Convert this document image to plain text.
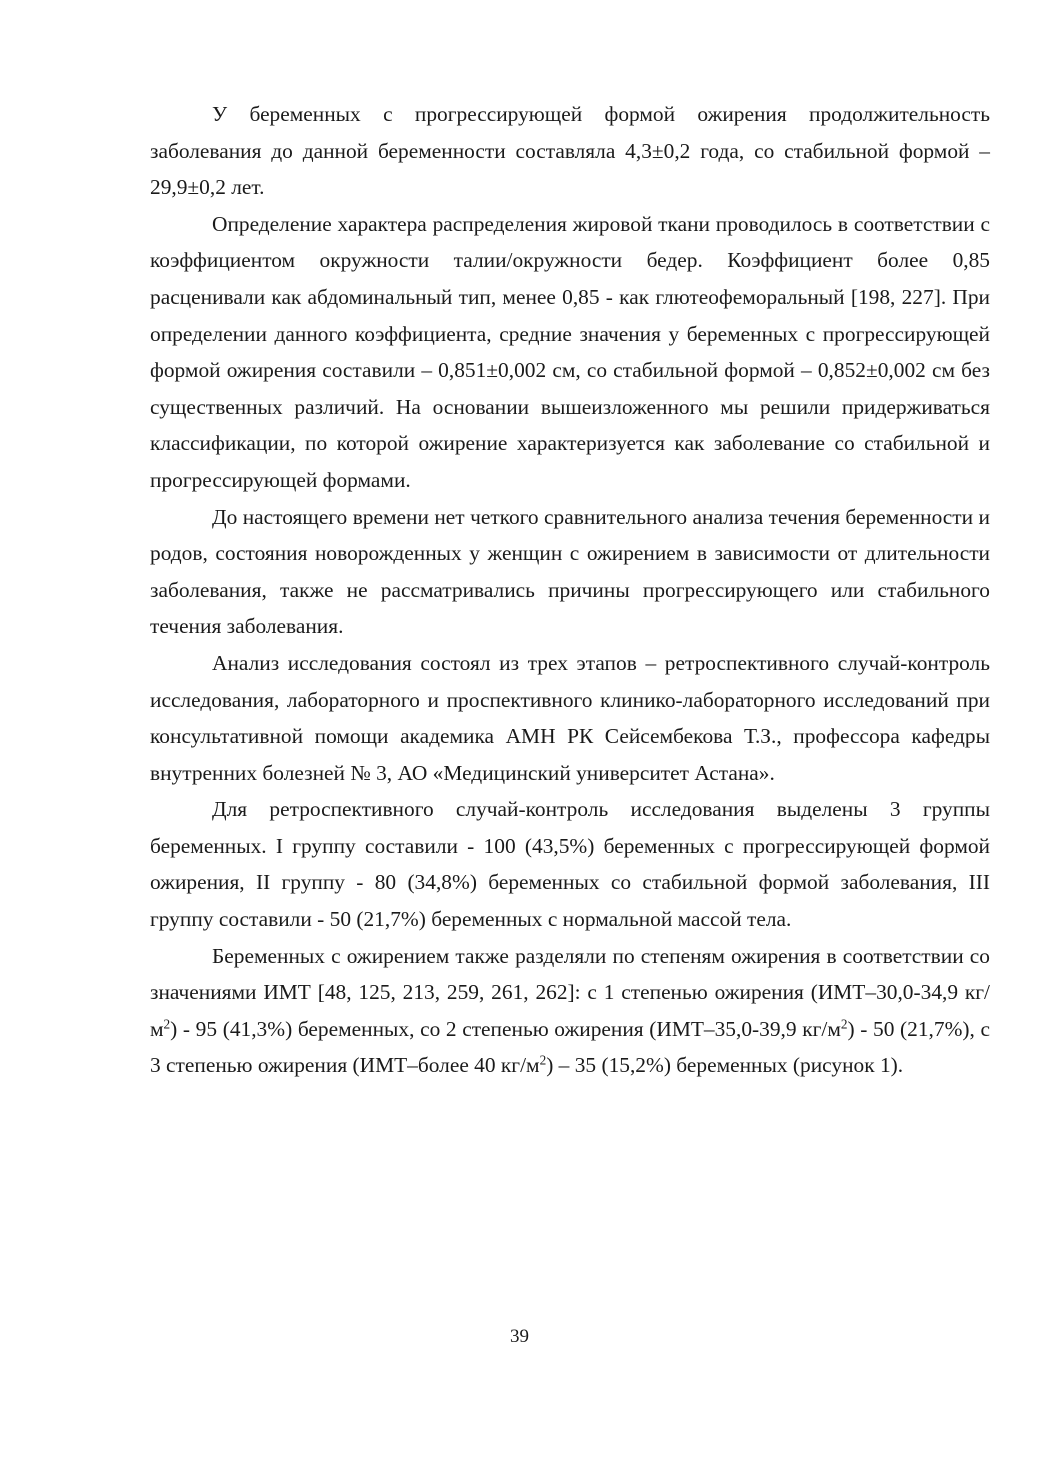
У беременных с прогрессирующей формой ожирения продолжительность заболевания до данной беременности составляла 4,3±0,2 года, со стабильной формой – 29,9±0,2 лет.

Определение характера распределения жировой ткани проводилось в соответствии с коэффициентом окружности талии/окружности бедер. Коэффициент более 0,85 расценивали как абдоминальный тип, менее 0,85 - как глютеофеморальный [198, 227]. При определении данного коэффициента, средние значения у беременных с прогрессирующей формой ожирения составили – 0,851±0,002 см, со стабильной формой – 0,852±0,002 см без существенных различий. На основании вышеизложенного мы решили придерживаться классификации, по которой ожирение характеризуется как заболевание со стабильной и прогрессирующей формами.

До настоящего времени нет четкого сравнительного анализа течения беременности и родов, состояния новорожденных у женщин с ожирением в зависимости от длительности заболевания, также не рассматривались причины прогрессирующего или стабильного течения заболевания.

Анализ исследования состоял из трех этапов – ретроспективного случай-контроль исследования, лабораторного и проспективного клинико-лабораторного исследований при консультативной помощи академика АМН РК Сейсембекова Т.З., профессора кафедры внутренних болезней № 3, АО «Медицинский университет Астана».

Для ретроспективного случай-контроль исследования выделены 3 группы беременных. I группу составили - 100 (43,5%) беременных с прогрессирующей формой ожирения, II группу - 80 (34,8%) беременных со стабильной формой заболевания, III группу составили - 50 (21,7%) беременных с нормальной массой тела.

Беременных с ожирением также разделяли по степеням ожирения в соответствии со значениями ИМТ [48, 125, 213, 259, 261, 262]: с 1 степенью ожирения (ИМТ–30,0-34,9 $кг/м^2) - 95$ (41,3%) беременных, со 2 степенью ожирения (ИМТ–35,0-39,9 $кг/м^2) - 50$ (21,7%), с 3 степенью ожирения (ИМТ–более 40 $кг/м^2) - 35$ (15,2%) беременных (рисунок 1).

39
